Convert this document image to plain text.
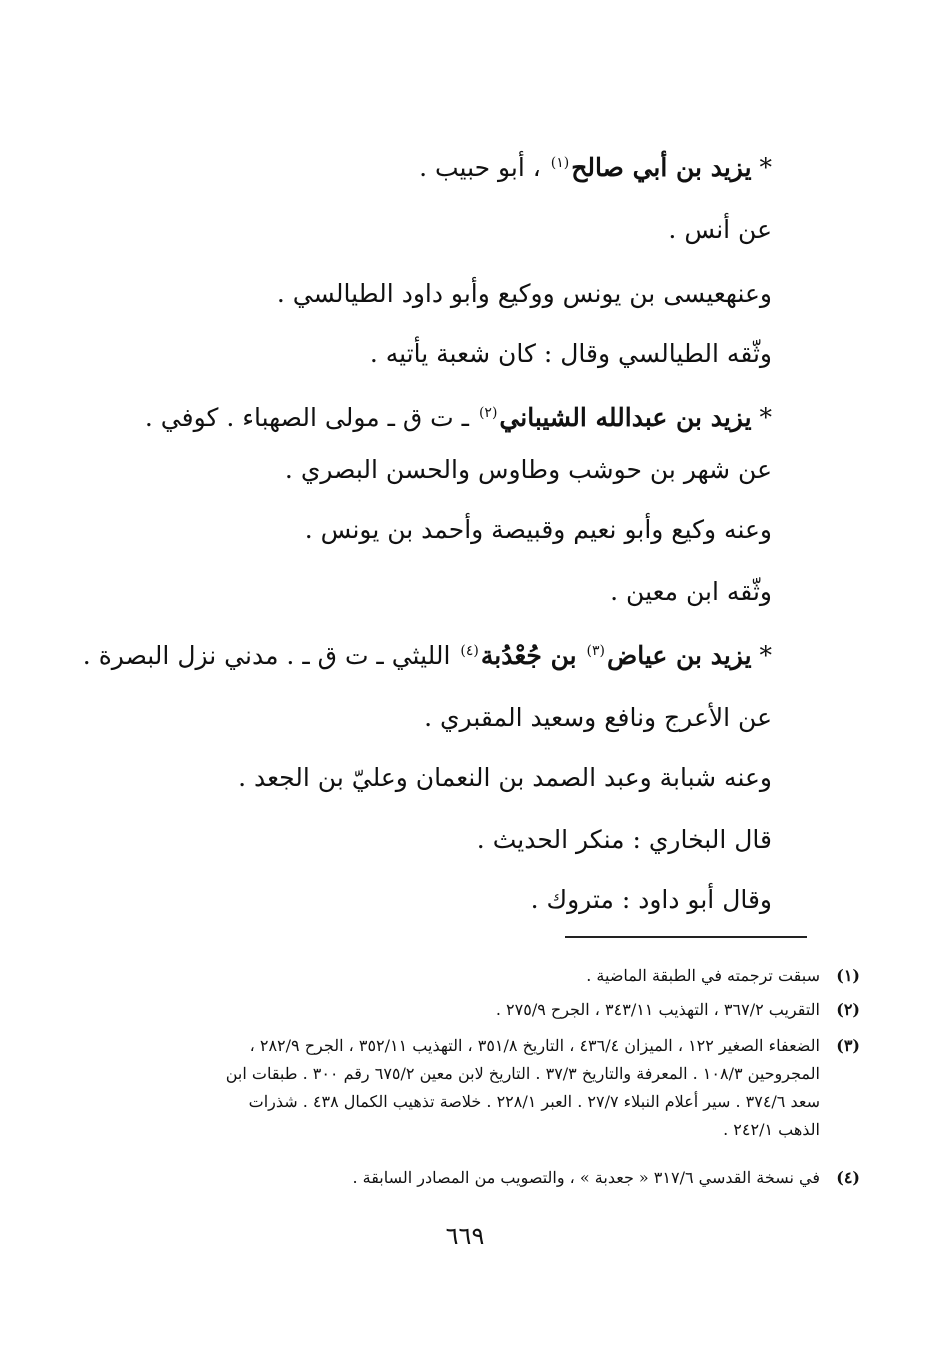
* يزيد بن أبي صالح$^{(١)}$ ، أبو حبيب .
عن أنس .
وعنهعيسى بن يونس ووكيع وأبو داود الطيالسي .
وثّقه الطيالسي وقال : كان شعبة يأتيه .
* يزيد بن عبدالله الشيباني$^{(٢)}$ ـ ت ق ـ مولى الصهباء . كوفي .
عن شهر بن حوشب وطاوس والحسن البصري .
وعنه وكيع وأبو نعيم وقبيصة وأحمد بن يونس .
وثّقه ابن معين .
* يزيد بن عياض$^{(٣)}$ بن جُعْدُبة$^{(٤)}$ الليثي ـ ت ق ـ . مدني نزل البصرة .
عن الأعرج ونافع وسعيد المقبري .
وعنه شبابة وعبد الصمد بن النعمان وعليّ بن الجعد .
قال البخاري : منكر الحديث .
وقال أبو داود : متروك .
(١)
سبقت ترجمته في الطبقة الماضية .
(٢)
التقريب ٣٦٧/٢ ، التهذيب ٣٤٣/١١ ، الجرح ٢٧٥/٩ .
(٣)
الضعفاء الصغير ١٢٢ ، الميزان ٤٣٦/٤ ، التاريخ ٣٥١/٨ ، التهذيب ٣٥٢/١١ ، الجرح ٢٨٢/٩ ،
المجروحين ١٠٨/٣ . المعرفة والتاريخ ٣٧/٣ . التاريخ لابن معين ٦٧٥/٢ رقم ٣٠٠ . طبقات ابن
سعد ٣٧٤/٦ . سير أعلام النبلاء ٢٧/٧ . العبر ٢٢٨/١ . خلاصة تذهيب الكمال ٤٣٨ . شذرات
الذهب ٢٤٢/١ .
(٤)
في نسخة القدسي ٣١٧/٦ « جعدبة » ، والتصويب من المصادر السابقة .
٦٦٩
